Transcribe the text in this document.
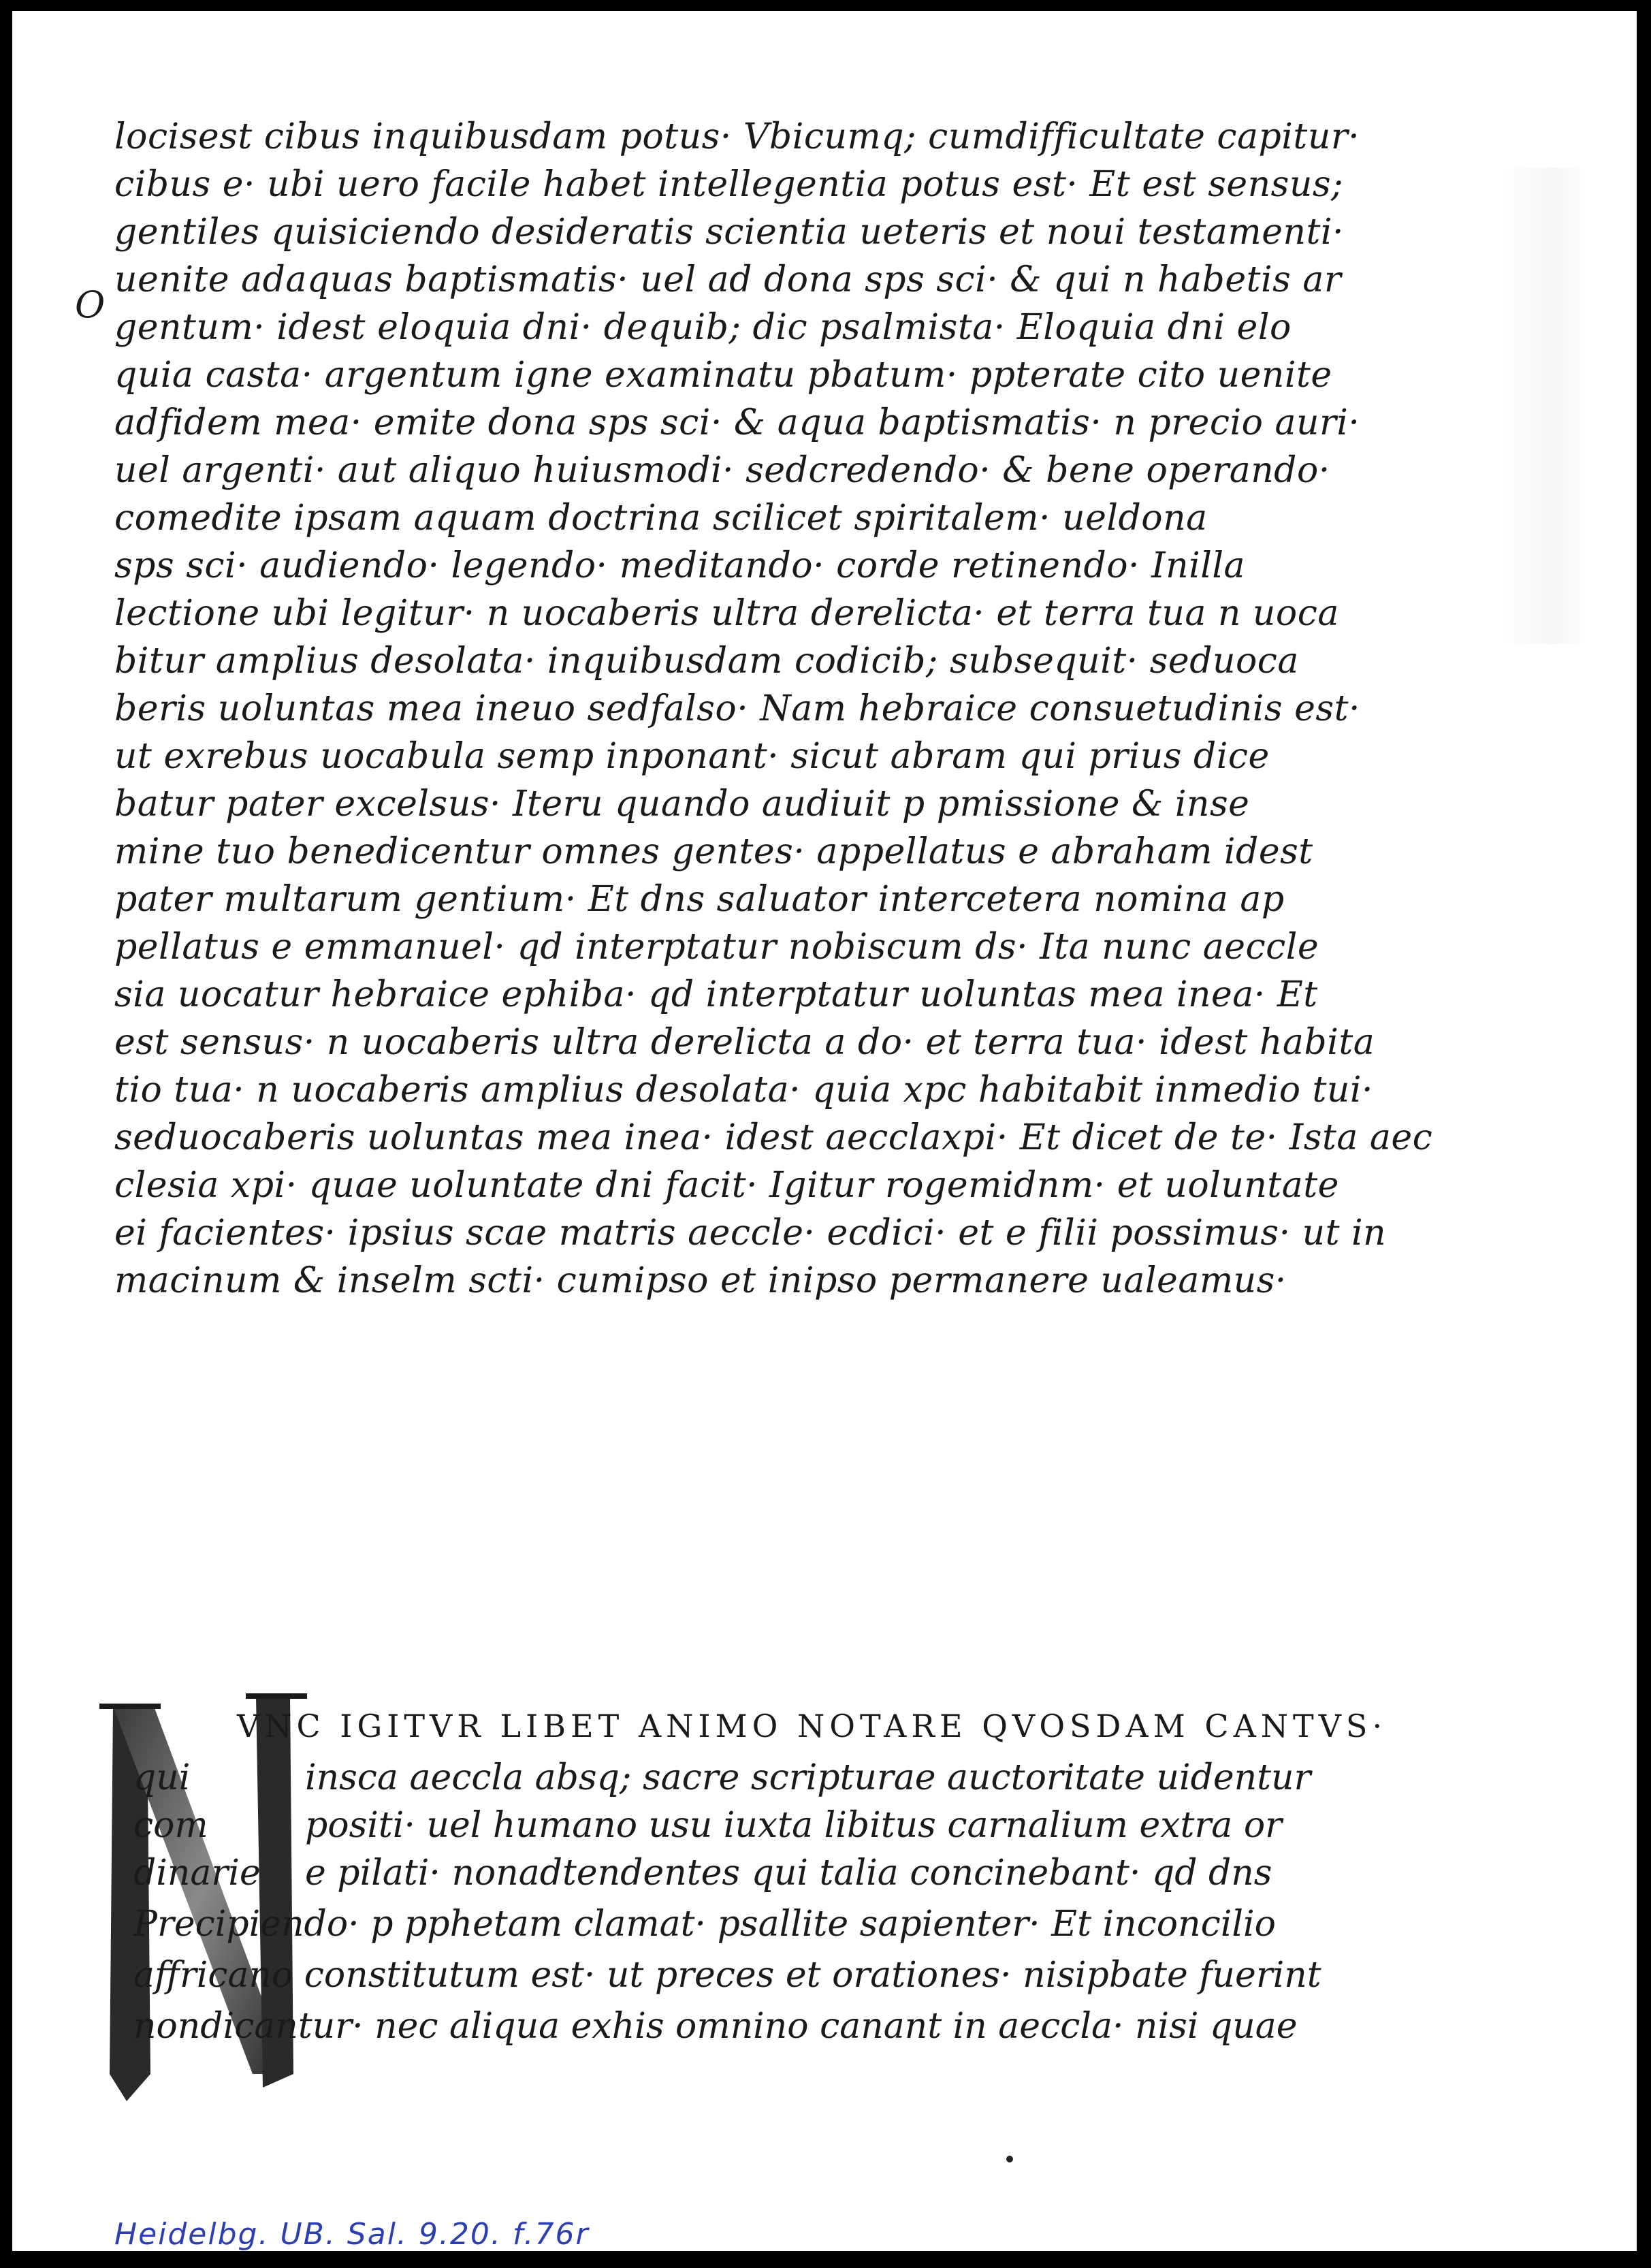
O
locisest cibus inquibusdam potus· Vbicumq; cumdifficultate capitur·
cibus e· ubi uero facile habet intellegentia potus est· Et est sensus;
gentiles quisiciendo desideratis scientia ueteris et noui testamenti·
uenite adaquas baptismatis· uel ad dona sps sci· & qui n habetis ar
gentum· idest eloquia dni· dequib; dic psalmista· Eloquia dni elo
quia casta· argentum igne examinatu pbatum· ppterate cito uenite
adfidem mea· emite dona sps sci· & aqua baptismatis· n precio auri·
uel argenti· aut aliquo huiusmodi· sedcredendo· & bene operando·
comedite ipsam aquam doctrina scilicet spiritalem· ueldona
sps sci· audiendo· legendo· meditando· corde retinendo· Inilla
lectione ubi legitur· n uocaberis ultra derelicta· et terra tua n uoca
bitur amplius desolata· inquibusdam codicib; subsequit· seduoca
beris uoluntas mea ineuo sedfalso· Nam hebraice consuetudinis est·
ut exrebus uocabula semp inponant· sicut abram qui prius dice
batur pater excelsus· Iteru quando audiuit p pmissione & inse
mine tuo benedicentur omnes gentes· appellatus e abraham idest
pater multarum gentium· Et dns saluator intercetera nomina ap
pellatus e emmanuel· qd interptatur nobiscum ds· Ita nunc aeccle
sia uocatur hebraice ephiba· qd interptatur uoluntas mea inea· Et
est sensus· n uocaberis ultra derelicta a do· et terra tua· idest habita
tio tua· n uocaberis amplius desolata· quia xpc habitabit inmedio tui·
seduocaberis uoluntas mea inea· idest aecclaxpi· Et dicet de te· Ista aec
clesia xpi· quae uoluntate dni facit· Igitur rogemidnm· et uoluntate
ei facientes· ipsius scae matris aeccle· ecdici· et e filii possimus· ut in
macinum & inselm scti· cumipso et inipso permanere ualeamus·
VNC IGITVR LIBET ANIMO NOTARE QVOSDAM CANTVS·
qui
com
dinarie
insca aeccla absq; sacre scripturae auctoritate uidentur
positi· uel humano usu iuxta libitus carnalium extra or
e pilati· nonadtendentes qui talia concinebant· qd dns
Precipiendo· p pphetam clamat· psallite sapienter· Et inconcilio
affricano constitutum est· ut preces et orationes· nisipbate fuerint
nondicantur· nec aliqua exhis omnino canant in aeccla· nisi quae
Heidelbg. UB. Sal. 9.20. f.76r
